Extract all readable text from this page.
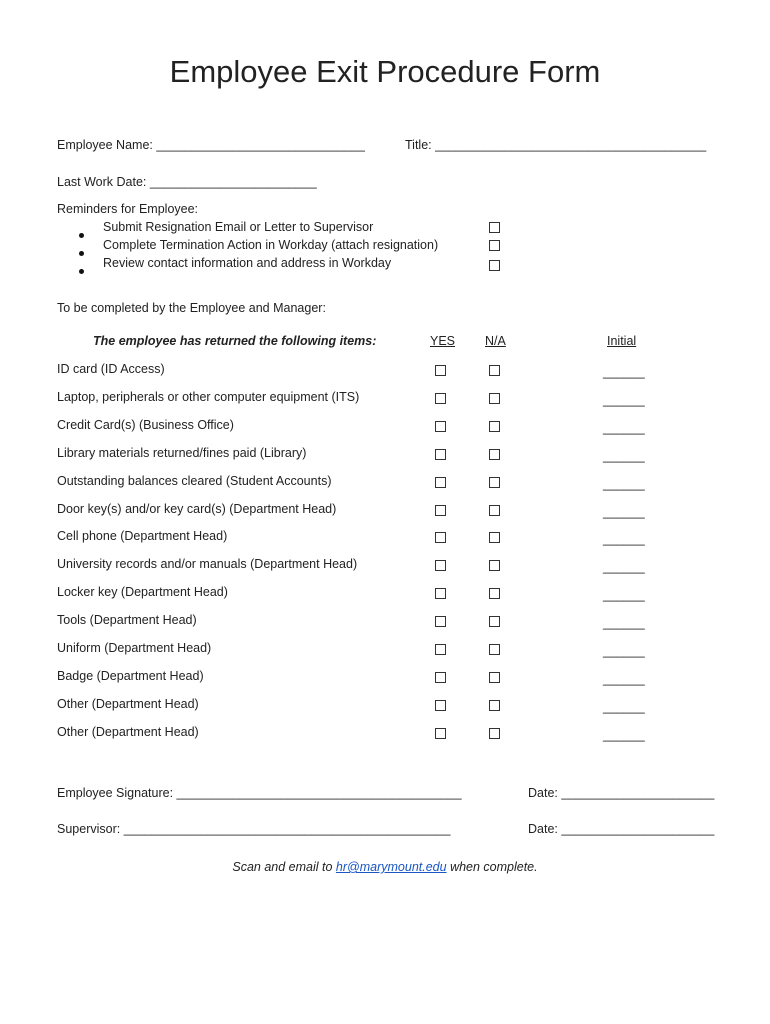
Employee Exit Procedure Form
Employee Name: ______________________________	Title: _______________________________________
Last Work Date: ________________________
Reminders for Employee:
Submit Resignation Email or Letter to Supervisor
Complete Termination Action in Workday (attach resignation)
Review contact information and address in Workday
To be completed by the Employee and Manager:
The employee has returned the following items:	YES N/A	Initial
ID card (ID Access)	______
Laptop, peripherals or other computer equipment (ITS)	______
Credit Card(s) (Business Office)	______
Library materials returned/fines paid (Library)	______
Outstanding balances cleared (Student Accounts)	______
Door key(s) and/or key card(s) (Department Head)	______
Cell phone (Department Head)	______
University records and/or manuals (Department Head)	______
Locker key (Department Head)	______
Tools (Department Head)	______
Uniform (Department Head)	______
Badge (Department Head)	______
Other (Department Head)	______
Other (Department Head)	______
Employee Signature: _________________________________________	Date: ______________________
Supervisor: _______________________________________________	Date: ______________________
Scan and email to hr@marymount.edu when complete.
